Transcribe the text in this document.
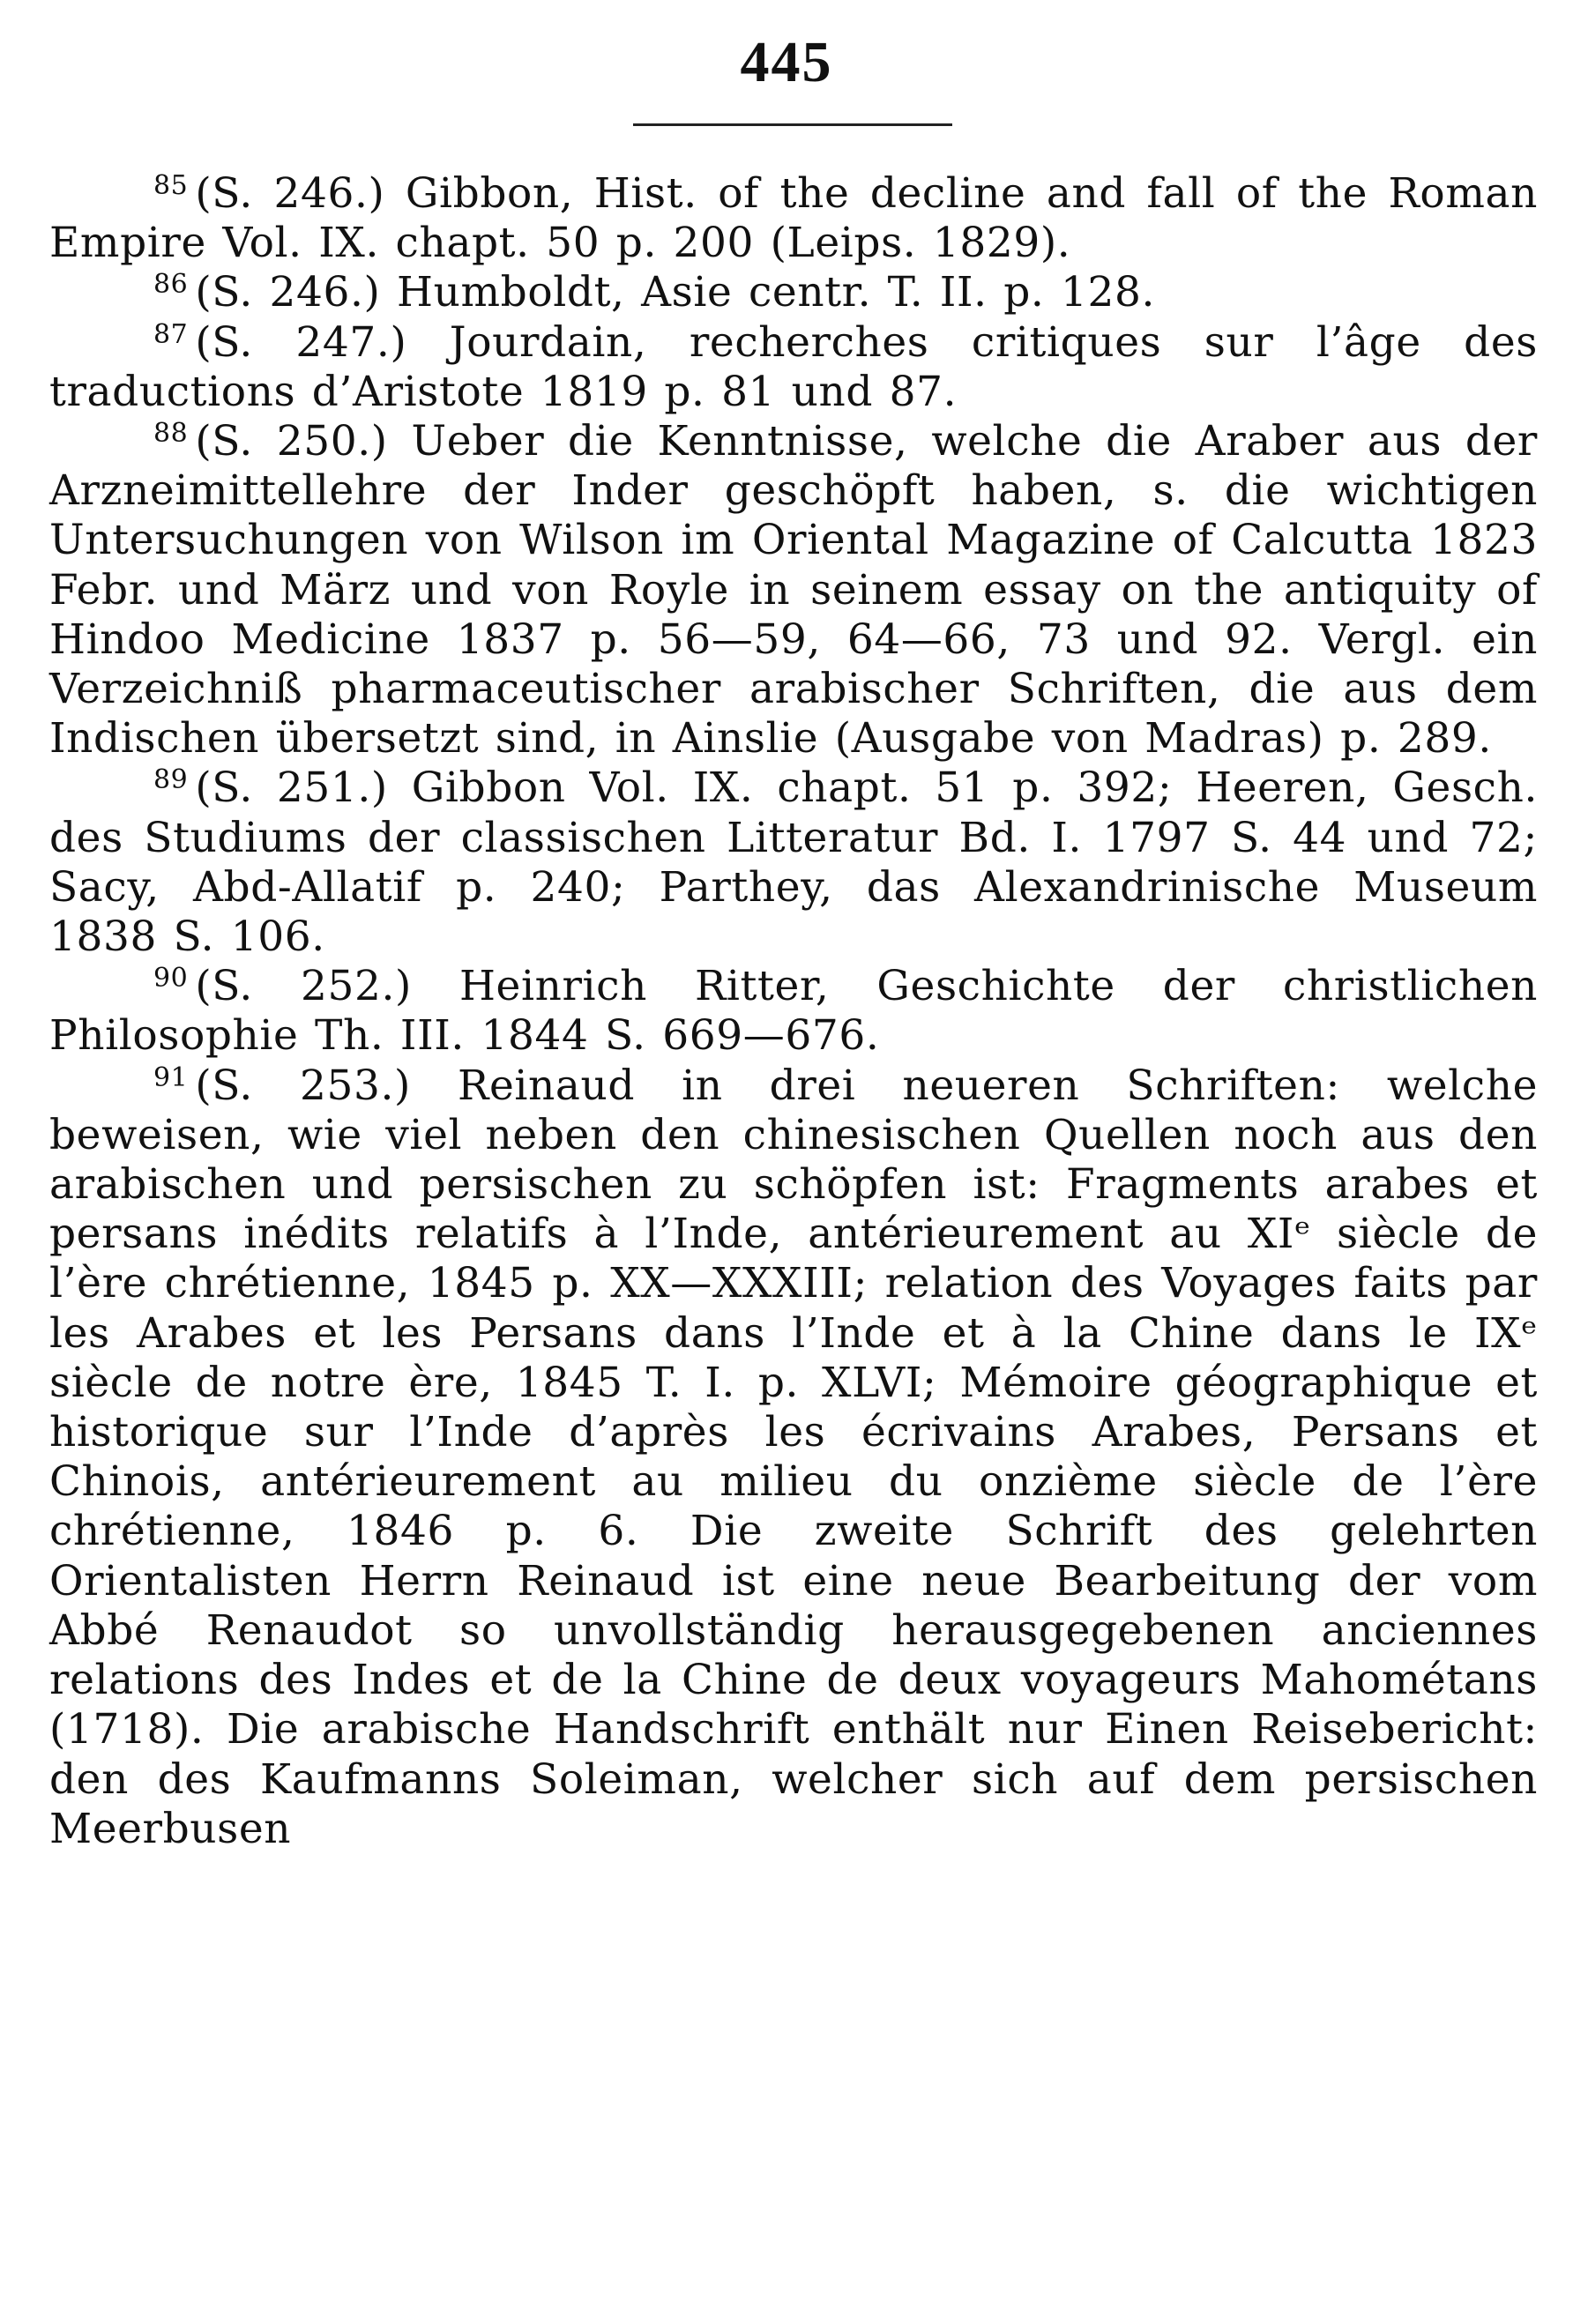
445

$^{85}$ (S. 246.) Gibbon, Hist. of the decline and fall of the Roman Empire Vol. IX. chapt. 50 p. 200 (Leips. 1829).

$^{86}$ (S. 246.) Humboldt, Asie centr. T. II. p. 128.

$^{87}$ (S. 247.) Jourdain, recherches critiques sur l’âge des traductions d’Aristote 1819 p. 81 und 87.

$^{88}$ (S. 250.) Ueber die Kenntnisse, welche die Araber aus der Arzneimittellehre der Inder geschöpft haben, s. die wichtigen Untersuchungen von Wilson im Oriental Magazine of Calcutta 1823 Febr. und März und von Royle in seinem essay on the antiquity of Hindoo Medicine 1837 p. 56—59, 64—66, 73 und 92. Vergl. ein Verzeichniß pharmaceutischer arabischer Schriften, die aus dem Indischen übersetzt sind, in Ainslie (Ausgabe von Madras) p. 289.

$^{89}$ (S. 251.) Gibbon Vol. IX. chapt. 51 p. 392; Heeren, Gesch. des Studiums der classischen Litteratur Bd. I. 1797 S. 44 und 72; Sacy, Abd-Allatif p. 240; Parthey, das Alexandrinische Museum 1838 S. 106.

$^{90}$ (S. 252.) Heinrich Ritter, Geschichte der christlichen Philosophie Th. III. 1844 S. 669—676.

$^{91}$ (S. 253.) Reinaud in drei neueren Schriften: welche beweisen, wie viel neben den chinesischen Quellen noch aus den arabischen und persischen zu schöpfen ist: Fragments arabes et persans inédits relatifs à l’Inde, antérieurement au XIᵉ siècle de l’ère chrétienne, 1845 p. XX—XXXIII; relation des Voyages faits par les Arabes et les Persans dans l’Inde et à la Chine dans le IXᵉ siècle de notre ère, 1845 T. I. p. XLVI; Mémoire géographique et historique sur l’Inde d’après les écrivains Arabes, Persans et Chinois, antérieurement au milieu du onzième siècle de l’ère chrétienne, 1846 p. 6. Die zweite Schrift des gelehrten Orientalisten Herrn Reinaud ist eine neue Bearbeitung der vom Abbé Renaudot so unvollständig herausgegebenen anciennes relations des Indes et de la Chine de deux voyageurs Mahométans (1718). Die arabische Handschrift enthält nur Einen Reisebericht: den des Kaufmanns Soleiman, welcher sich auf dem persischen Meerbusen
